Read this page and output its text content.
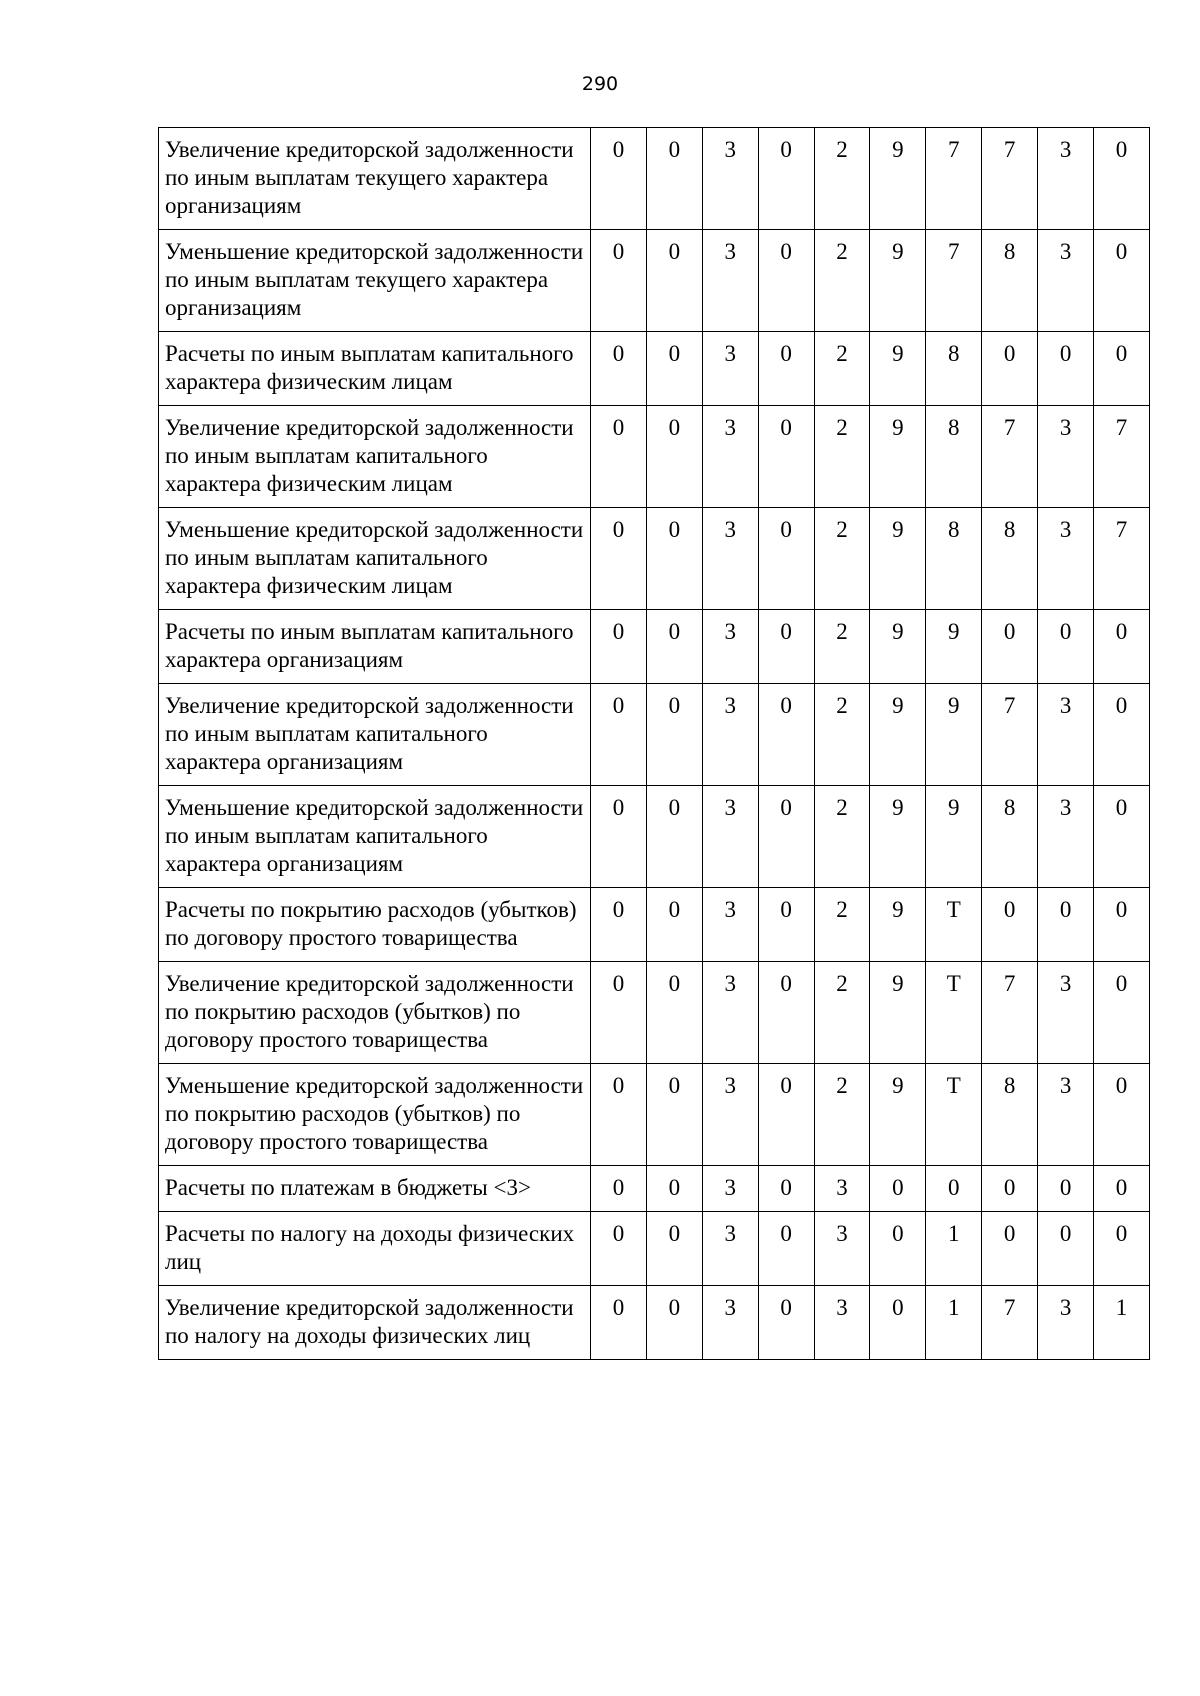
290
Увеличение кредиторской задолженности по иным выплатам текущего характера организациям	0	0	3	0	2	9	7	7	3	0
Уменьшение кредиторской задолженности по иным выплатам текущего характера организациям	0	0	3	0	2	9	7	8	3	0
Расчеты по иным выплатам капитального характера физическим лицам	0	0	3	0	2	9	8	0	0	0
Увеличение кредиторской задолженности по иным выплатам капитального характера физическим лицам	0	0	3	0	2	9	8	7	3	7
Уменьшение кредиторской задолженности по иным выплатам капитального характера физическим лицам	0	0	3	0	2	9	8	8	3	7
Расчеты по иным выплатам капитального характера организациям	0	0	3	0	2	9	9	0	0	0
Увеличение кредиторской задолженности по иным выплатам капитального характера организациям	0	0	3	0	2	9	9	7	3	0
Уменьшение кредиторской задолженности по иным выплатам капитального характера организациям	0	0	3	0	2	9	9	8	3	0
Расчеты по покрытию расходов (убытков) по договору простого товарищества	0	0	3	0	2	9	Т	0	0	0
Увеличение кредиторской задолженности по покрытию расходов (убытков) по договору простого товарищества	0	0	3	0	2	9	Т	7	3	0
Уменьшение кредиторской задолженности по покрытию расходов (убытков) по договору простого товарищества	0	0	3	0	2	9	Т	8	3	0
Расчеты по платежам в бюджеты <3>	0	0	3	0	3	0	0	0	0	0
Расчеты по налогу на доходы физических лиц	0	0	3	0	3	0	1	0	0	0
Увеличение кредиторской задолженности по налогу на доходы физических лиц	0	0	3	0	3	0	1	7	3	1
